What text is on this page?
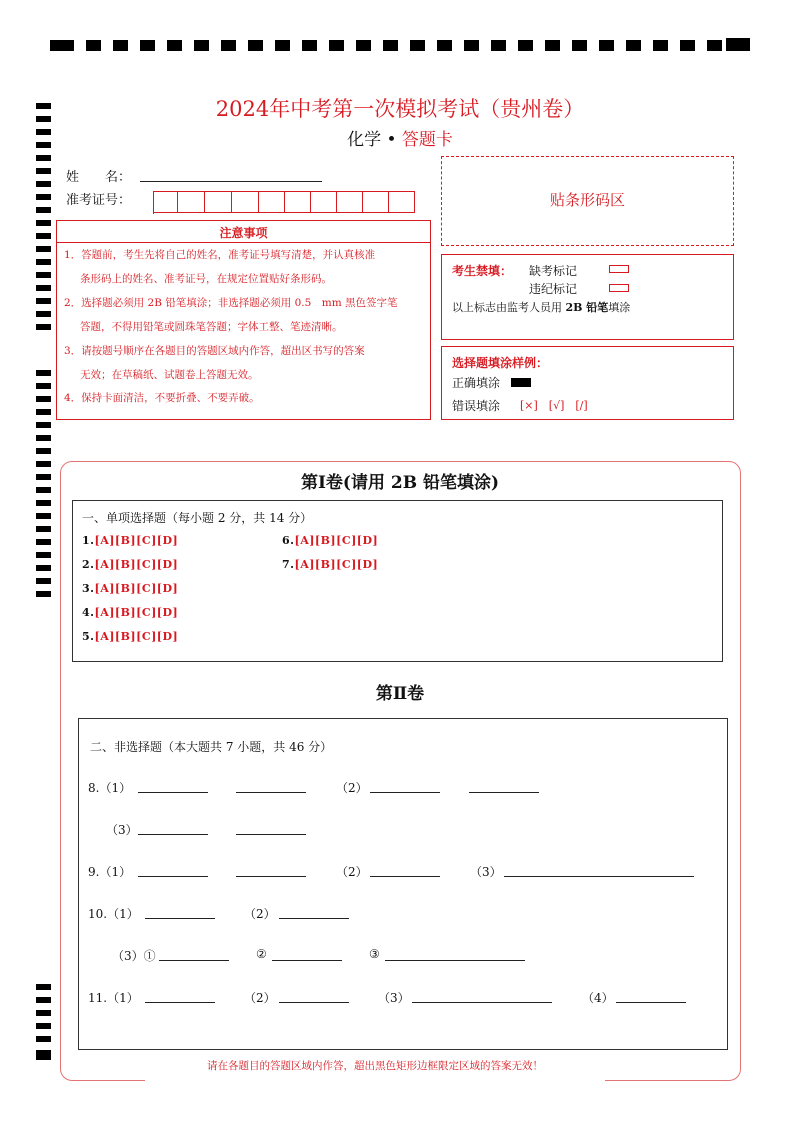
2024年中考第一次模拟考试（贵州卷）
化学 • 答题卡
姓　　名：
准考证号：	贴条形码区
注意事项
1．答题前，考生先将自己的姓名，准考证号填写清楚，并认真核准
条形码上的姓名、准考证号，在规定位置贴好条形码。
2．选择题必须用 2B 铅笔填涂；非选择题必须用 0.5　mm 黑色签字笔
答题，不得用铅笔或圆珠笔答题；字体工整、笔迹清晰。
3．请按题号顺序在各题目的答题区域内作答，超出区书写的答案
无效；在草稿纸、试题卷上答题无效。
4．保持卡面清洁，不要折叠、不要弄破。
考生禁填： 缺考标记
违纪标记
以上标志由监考人员用 2B 铅笔填涂
选择题填涂样例：
正确填涂
错误填涂 [×]　[√]　[/]
第Ⅰ卷(请用 2B 铅笔填涂)
一、单项选择题（每小题 2 分，共 14 分）
1.[A][B][C][D]
2.[A][B][C][D]
3.[A][B][C][D]
4.[A][B][C][D]
5.[A][B][C][D]
6.[A][B][C][D]
7.[A][B][C][D]
第Ⅱ卷
二、非选择题（本大题共 7 小题，共 46 分）
8.（1）	（2）
（3）
9.（1）	（2）	（3）
10.（1）	（2）
（3）①	②	③
11.（1）	（2）	（3）	（4）
请在各题目的答题区域内作答，超出黑色矩形边框限定区域的答案无效！
